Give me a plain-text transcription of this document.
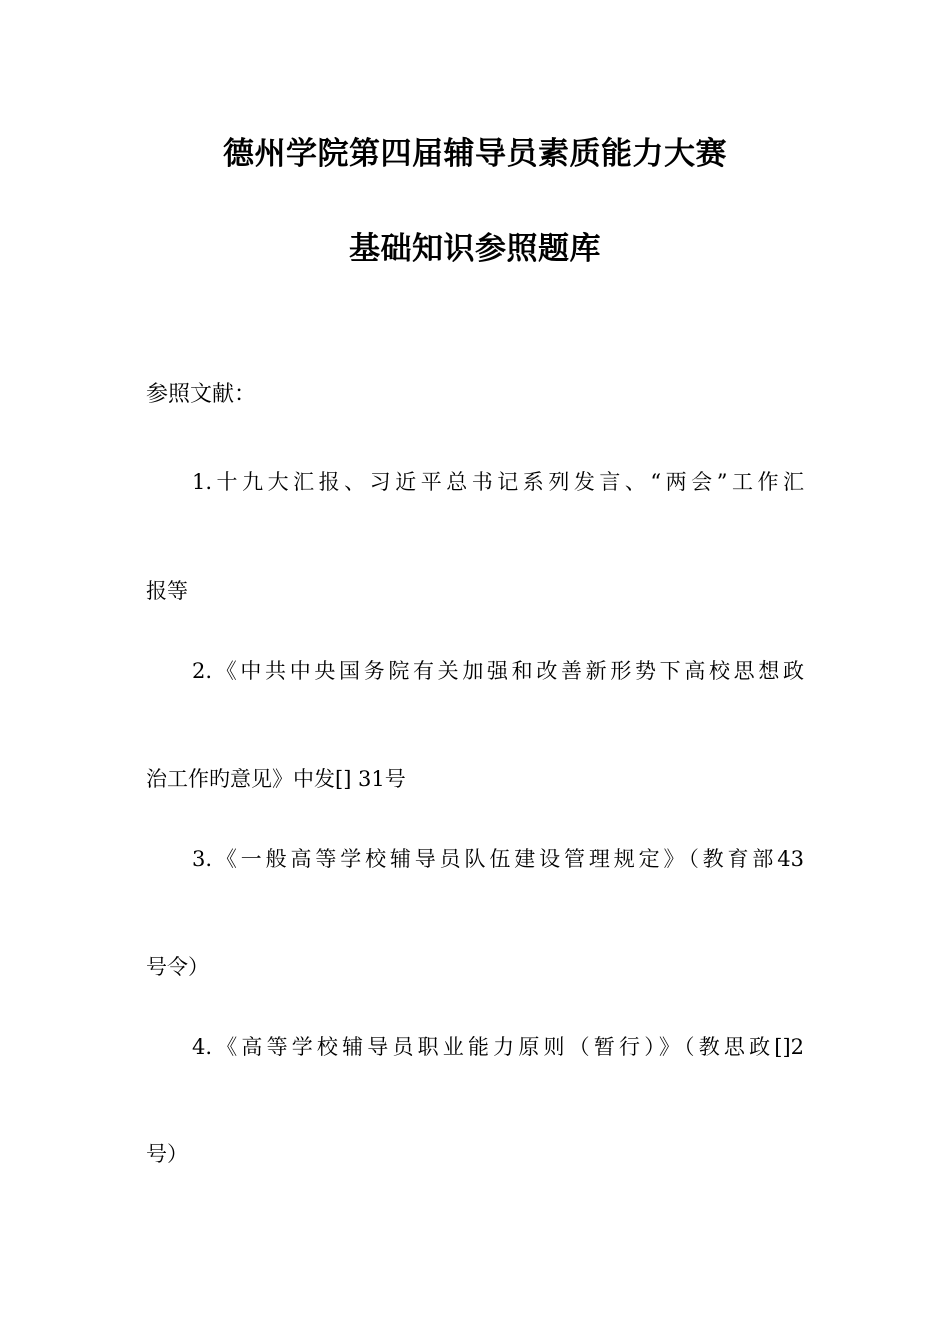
德州学院第四届辅导员素质能力大赛
基础知识参照题库
参照文献：
1.十九大汇报、习近平总书记系列发言、“两会”工作汇
报等
2.《中共中央国务院有关加强和改善新形势下高校思想政
治工作旳意见》中发[] 31号
3.《一般高等学校辅导员队伍建设管理规定》（教育部43
号令）
4.《高等学校辅导员职业能力原则（暂行）》（教思政[]2
号）
